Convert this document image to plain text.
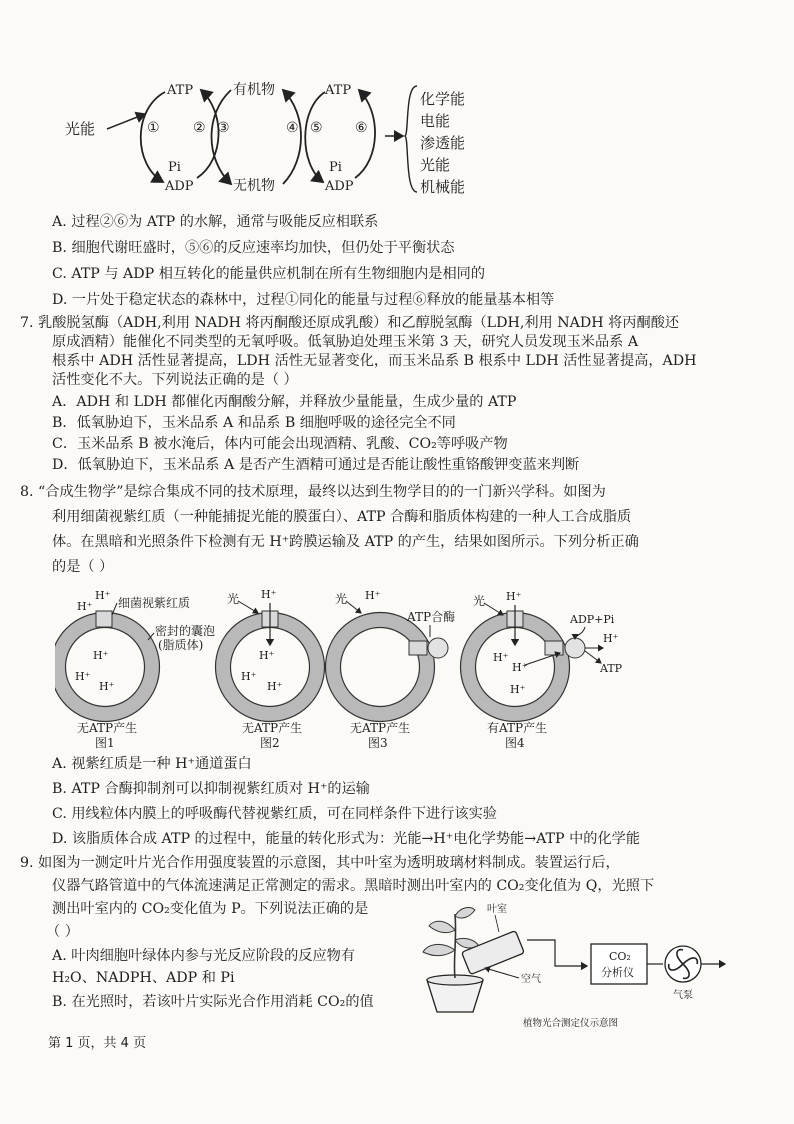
光能
ATP
Pi
ADP
① ② ③
有机物
无机物
④ ⑤
ATP
Pi
ADP
⑥
化学能
电能
渗透能
光能
机械能
A. 过程②⑥为 ATP 的水解，通常与吸能反应相联系
B. 细胞代谢旺盛时，⑤⑥的反应速率均加快，但仍处于平衡状态
C. ATP 与 ADP 相互转化的能量供应机制在所有生物细胞内是相同的
D. 一片处于稳定状态的森林中，过程①同化的能量与过程⑥释放的能量基本相等
7. 乳酸脱氢酶（ADH,利用 NADH 将丙酮酸还原成乳酸）和乙醇脱氢酶（LDH,利用 NADH 将丙酮酸还
原成酒精）能催化不同类型的无氧呼吸。低氧胁迫处理玉米第 3 天，研究人员发现玉米品系 A
根系中 ADH 活性显著提高，LDH 活性无显著变化，而玉米品系 B 根系中 LDH 活性显著提高，ADH
活性变化不大。下列说法正确的是（ ）
A．ADH 和 LDH 都催化丙酮酸分解，并释放少量能量，生成少量的 ATP
B．低氧胁迫下，玉米品系 A 和品系 B 细胞呼吸的途径完全不同
C．玉米品系 B 被水淹后，体内可能会出现酒精、乳酸、CO₂等呼吸产物
D．低氧胁迫下，玉米品系 A 是否产生酒精可通过是否能让酸性重铬酸钾变蓝来判断
8. “合成生物学”是综合集成不同的技术原理，最终以达到生物学目的的一门新兴学科。如图为
利用细菌视紫红质（一种能捕捉光能的膜蛋白）、ATP 合酶和脂质体构建的一种人工合成脂质
体。在黑暗和光照条件下检测有无 H⁺跨膜运输及 ATP 的产生，结果如图所示。下列分析正确
的是（ ）
H⁺
H⁺
H⁺
H⁺
H⁺
细菌视紫红质
密封的囊泡
(脂质体)
无ATP产生
图1
光 H⁺
H⁺
H⁺
H⁺
无ATP产生
图2
光 H⁺
ATP合酶
无ATP产生
图3
光 H⁺
H⁺
H⁺
H⁺
ADP+Pi
H⁺
ATP
有ATP产生
图4
A. 视紫红质是一种 H⁺通道蛋白
B. ATP 合酶抑制剂可以抑制视紫红质对 H⁺的运输
C. 用线粒体内膜上的呼吸酶代替视紫红质，可在同样条件下进行该实验
D. 该脂质体合成 ATP 的过程中，能量的转化形式为：光能→H⁺电化学势能→ATP 中的化学能
9. 如图为一测定叶片光合作用强度装置的示意图，其中叶室为透明玻璃材料制成。装置运行后，
仪器气路管道中的气体流速满足正常测定的需求。黑暗时测出叶室内的 CO₂变化值为 Q，光照下
测出叶室内的 CO₂变化值为 P。下列说法正确的是
（ ）
A. 叶肉细胞叶绿体内参与光反应阶段的反应物有
H₂O、NADPH、ADP 和 Pi
B. 在光照时，若该叶片实际光合作用消耗 CO₂的值
叶室
空气
CO₂
分析仪
气泵
植物光合测定仪示意图
第 1 页，共 4 页
